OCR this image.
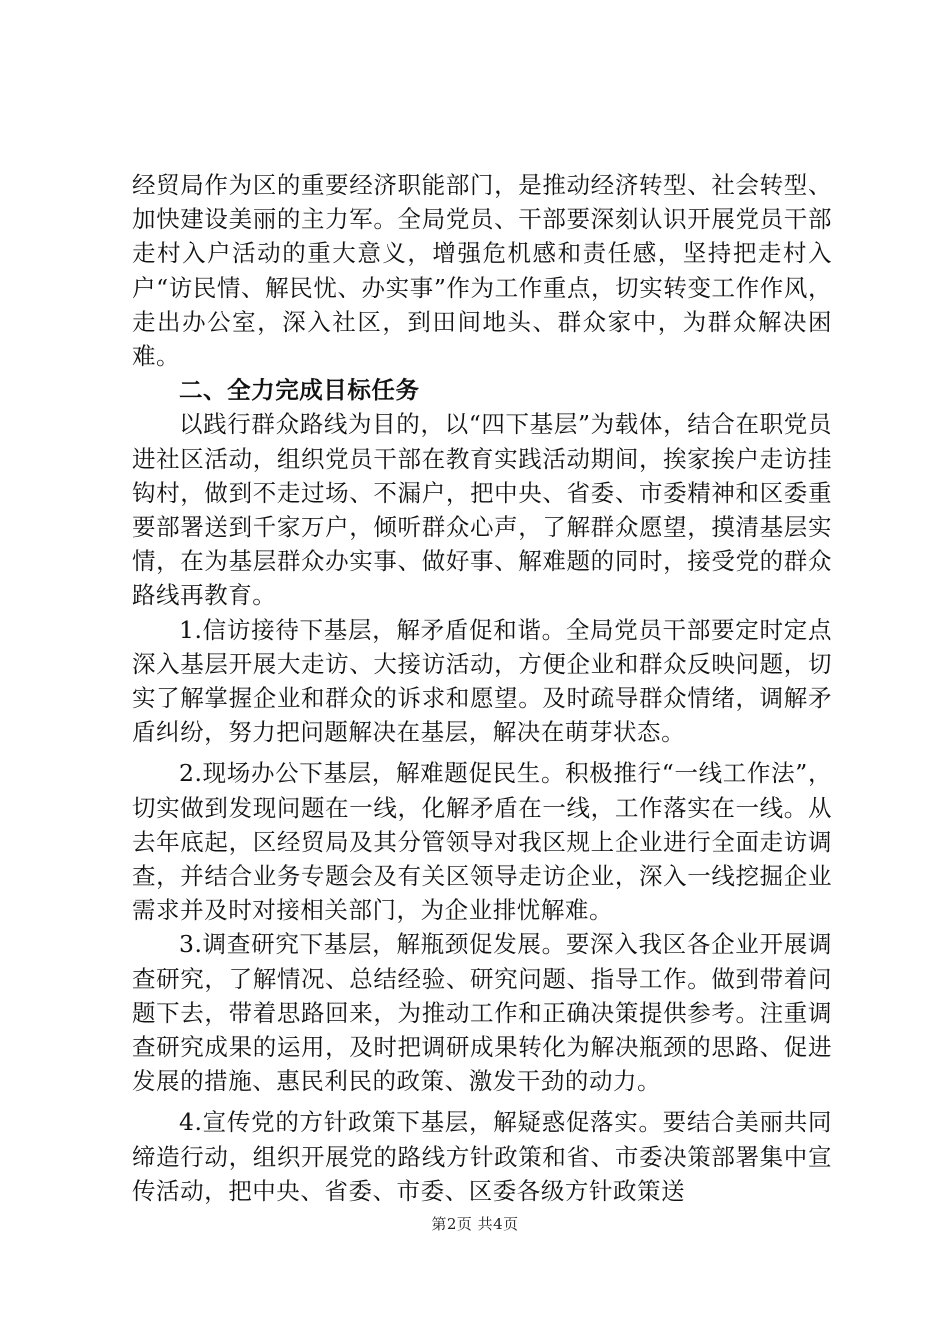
经贸局作为区的重要经济职能部门，是推动经济转型、社会转型、加快建设美丽的主力军。全局党员、干部要深刻认识开展党员干部走村入户活动的重大意义，增强危机感和责任感，坚持把走村入户“访民情、解民忧、办实事”作为工作重点，切实转变工作作风，走出办公室，深入社区，到田间地头、群众家中，为群众解决困难。

二、全力完成目标任务

以践行群众路线为目的，以“四下基层”为载体，结合在职党员进社区活动，组织党员干部在教育实践活动期间，挨家挨户走访挂钩村，做到不走过场、不漏户，把中央、省委、市委精神和区委重要部署送到千家万户，倾听群众心声，了解群众愿望，摸清基层实情，在为基层群众办实事、做好事、解难题的同时，接受党的群众路线再教育。

1.信访接待下基层，解矛盾促和谐。全局党员干部要定时定点深入基层开展大走访、大接访活动，方便企业和群众反映问题，切实了解掌握企业和群众的诉求和愿望。及时疏导群众情绪，调解矛盾纠纷，努力把问题解决在基层，解决在萌芽状态。

2.现场办公下基层，解难题促民生。积极推行“一线工作法”，切实做到发现问题在一线，化解矛盾在一线，工作落实在一线。从去年底起，区经贸局及其分管领导对我区规上企业进行全面走访调查，并结合业务专题会及有关区领导走访企业，深入一线挖掘企业需求并及时对接相关部门，为企业排忧解难。

3.调查研究下基层，解瓶颈促发展。要深入我区各企业开展调查研究，了解情况、总结经验、研究问题、指导工作。做到带着问题下去，带着思路回来，为推动工作和正确决策提供参考。注重调查研究成果的运用，及时把调研成果转化为解决瓶颈的思路、促进发展的措施、惠民利民的政策、激发干劲的动力。

4.宣传党的方针政策下基层，解疑惑促落实。要结合美丽共同缔造行动，组织开展党的路线方针政策和省、市委决策部署集中宣传活动，把中央、省委、市委、区委各级方针政策送

第2页 共4页
